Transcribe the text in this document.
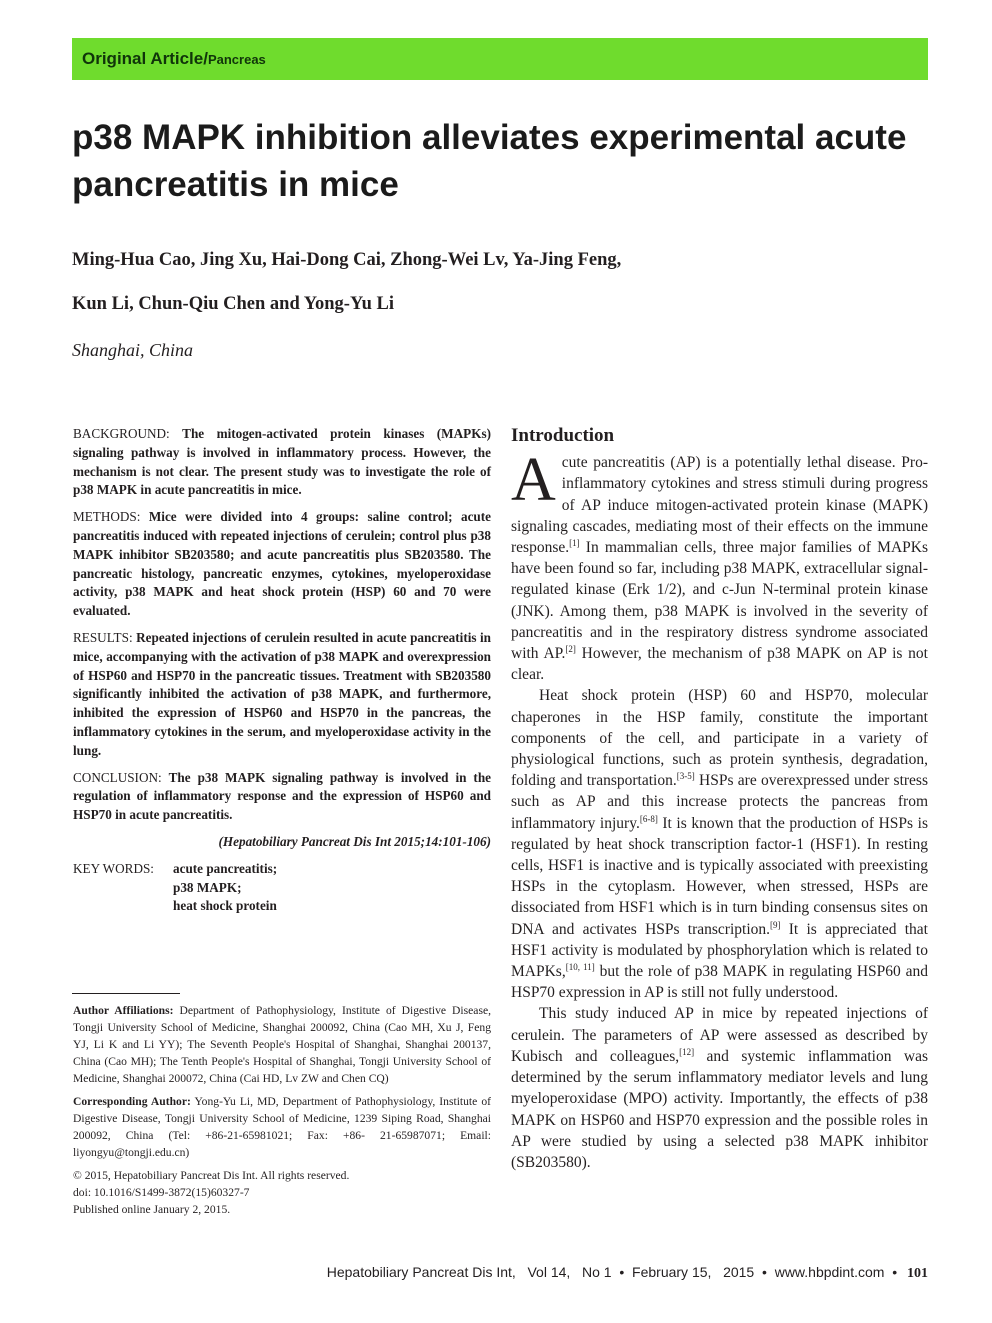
Original Article/Pancreas
p38 MAPK inhibition alleviates experimental acute pancreatitis in mice

Ming-Hua Cao, Jing Xu, Hai-Dong Cai, Zhong-Wei Lv, Ya-Jing Feng,

Kun Li, Chun-Qiu Chen and Yong-Yu Li

Shanghai, China

BACKGROUND: The mitogen-activated protein kinases (MAPKs) signaling pathway is involved in inflammatory process. However, the mechanism is not clear. The present study was to investigate the role of p38 MAPK in acute pancreatitis in mice.

METHODS: Mice were divided into 4 groups: saline control; acute pancreatitis induced with repeated injections of cerulein; control plus p38 MAPK inhibitor SB203580; and acute pancreatitis plus SB203580. The pancreatic histology, pancreatic enzymes, cytokines, myeloperoxidase activity, p38 MAPK and heat shock protein (HSP) 60 and 70 were evaluated.

RESULTS: Repeated injections of cerulein resulted in acute pancreatitis in mice, accompanying with the activation of p38 MAPK and overexpression of HSP60 and HSP70 in the pancreatic tissues. Treatment with SB203580 significantly inhibited the activation of p38 MAPK, and furthermore, inhibited the expression of HSP60 and HSP70 in the pancreas, the inflammatory cytokines in the serum, and myeloperoxidase activity in the lung.

CONCLUSION: The p38 MAPK signaling pathway is involved in the regulation of inflammatory response and the expression of HSP60 and HSP70 in acute pancreatitis.

(Hepatobiliary Pancreat Dis Int 2015;14:101-106)

KEY WORDS:	acute pancreatitis;
p38 MAPK;
heat shock protein

Author Affiliations: Department of Pathophysiology, Institute of Digestive Disease, Tongji University School of Medicine, Shanghai 200092, China (Cao MH, Xu J, Feng YJ, Li K and Li YY); The Seventh People's Hospital of Shanghai, Shanghai 200137, China (Cao MH); The Tenth People's Hospital of Shanghai, Tongji University School of Medicine, Shanghai 200072, China (Cai HD, Lv ZW and Chen CQ)

Corresponding Author: Yong-Yu Li, MD, Department of Pathophysiology, Institute of Digestive Disease, Tongji University School of Medicine, 1239 Siping Road, Shanghai 200092, China (Tel: +86-21-65981021; Fax: +86- 21-65987071; Email: liyongyu@tongji.edu.cn)

© 2015, Hepatobiliary Pancreat Dis Int. All rights reserved.

doi: 10.1016/S1499-3872(15)60327-7

Published online January 2, 2015.

Introduction

Acute pancreatitis (AP) is a potentially lethal disease. Pro-inflammatory cytokines and stress stimuli during progress of AP induce mitogen-activated protein kinase (MAPK) signaling cascades, mediating most of their effects on the immune response.[1] In mammalian cells, three major families of MAPKs have been found so far, including p38 MAPK, extracellular signal-regulated kinase (Erk 1/2), and c-Jun N-terminal protein kinase (JNK). Among them, p38 MAPK is involved in the severity of pancreatitis and in the respiratory distress syndrome associated with AP.[2] However, the mechanism of p38 MAPK on AP is not clear.

Heat shock protein (HSP) 60 and HSP70, molecular chaperones in the HSP family, constitute the important components of the cell, and participate in a variety of physiological functions, such as protein synthesis, degradation, folding and transportation.[3-5] HSPs are overexpressed under stress such as AP and this increase protects the pancreas from inflammatory injury.[6-8] It is known that the production of HSPs is regulated by heat shock transcription factor-1 (HSF1). In resting cells, HSF1 is inactive and is typically associated with preexisting HSPs in the cytoplasm. However, when stressed, HSPs are dissociated from HSF1 which is in turn binding consensus sites on DNA and activates HSPs transcription.[9] It is appreciated that HSF1 activity is modulated by phosphorylation which is related to MAPKs,[10, 11] but the role of p38 MAPK in regulating HSP60 and HSP70 expression in AP is still not fully understood.

This study induced AP in mice by repeated injections of cerulein. The parameters of AP were assessed as described by Kubisch and colleagues,[12] and systemic inflammation was determined by the serum inflammatory mediator levels and lung myeloperoxidase (MPO) activity. Importantly, the effects of p38 MAPK on HSP60 and HSP70 expression and the possible roles in AP were studied by using a selected p38 MAPK inhibitor (SB203580).

Hepatobiliary Pancreat Dis Int, Vol 14, No 1 • February 15, 2015 • www.hbpdint.com • 101
